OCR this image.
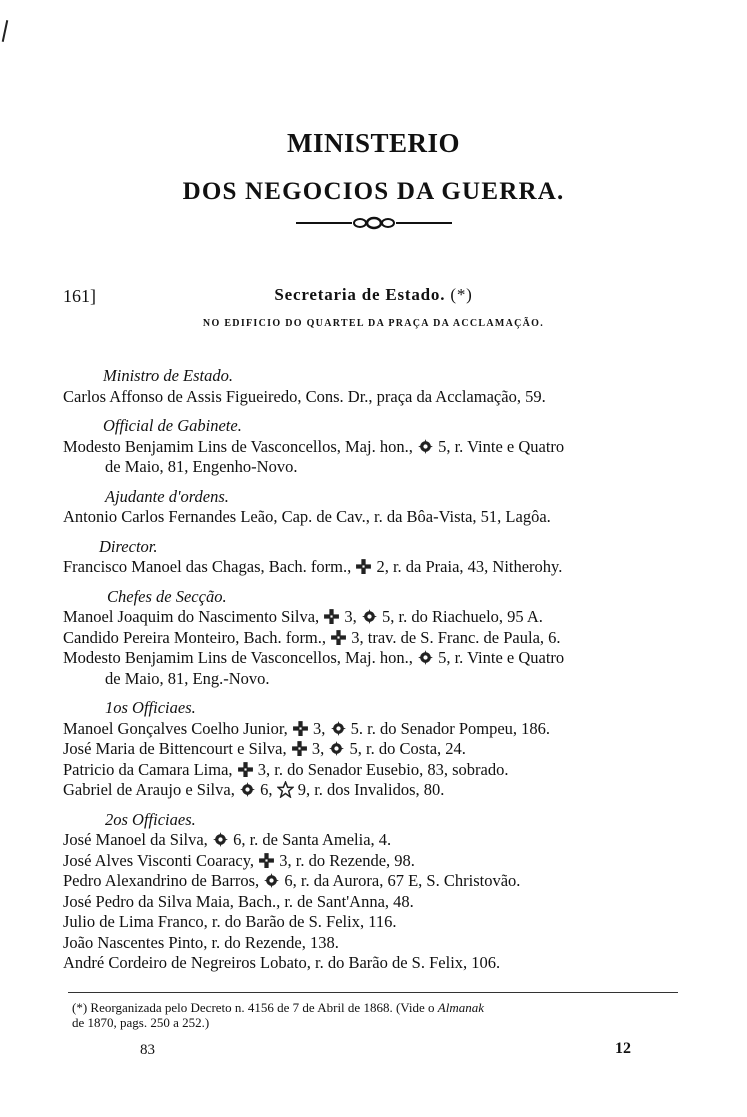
MINISTERIO
DOS NEGOCIOS DA GUERRA.
161]	Secretaria de Estado. (*)
NO EDIFICIO DO QUARTEL DA PRAÇA DA ACCLAMAÇÃO.
Ministro de Estado.
Carlos Affonso de Assis Figueiredo, Cons. Dr., praça da Acclamação, 59.
Official de Gabinete.
Modesto Benjamim Lins de Vasconcellos, Maj. hon., 5, r. Vinte e Quatro
de Maio, 81, Engenho-Novo.
Ajudante d'ordens.
Antonio Carlos Fernandes Leão, Cap. de Cav., r. da Bôa-Vista, 51, Lagôa.
Director.
Francisco Manoel das Chagas, Bach. form., 2, r. da Praia, 43, Nitherohy.
Chefes de Secção.
Manoel Joaquim do Nascimento Silva, 3, 5, r. do Riachuelo, 95 A.
Candido Pereira Monteiro, Bach. form., 3, trav. de S. Franc. de Paula, 6.
Modesto Benjamim Lins de Vasconcellos, Maj. hon., 5, r. Vinte e Quatro
de Maio, 81, Eng.-Novo.
1os Officiaes.
Manoel Gonçalves Coelho Junior, 3, 5. r. do Senador Pompeu, 186.
José Maria de Bittencourt e Silva, 3, 5, r. do Costa, 24.
Patricio da Camara Lima, 3, r. do Senador Eusebio, 83, sobrado.
Gabriel de Araujo e Silva, 6, 9, r. dos Invalidos, 80.
2os Officiaes.
José Manoel da Silva, 6, r. de Santa Amelia, 4.
José Alves Visconti Coaracy, 3, r. do Rezende, 98.
Pedro Alexandrino de Barros, 6, r. da Aurora, 67 E, S. Christovão.
José Pedro da Silva Maia, Bach., r. de Sant'Anna, 48.
Julio de Lima Franco, r. do Barão de S. Felix, 116.
João Nascentes Pinto, r. do Rezende, 138.
André Cordeiro de Negreiros Lobato, r. do Barão de S. Felix, 106.
(*) Reorganizada pelo Decreto n. 4156 de 7 de Abril de 1868. (Vide o Almanak
de 1870, pags. 250 a 252.)
83	12
